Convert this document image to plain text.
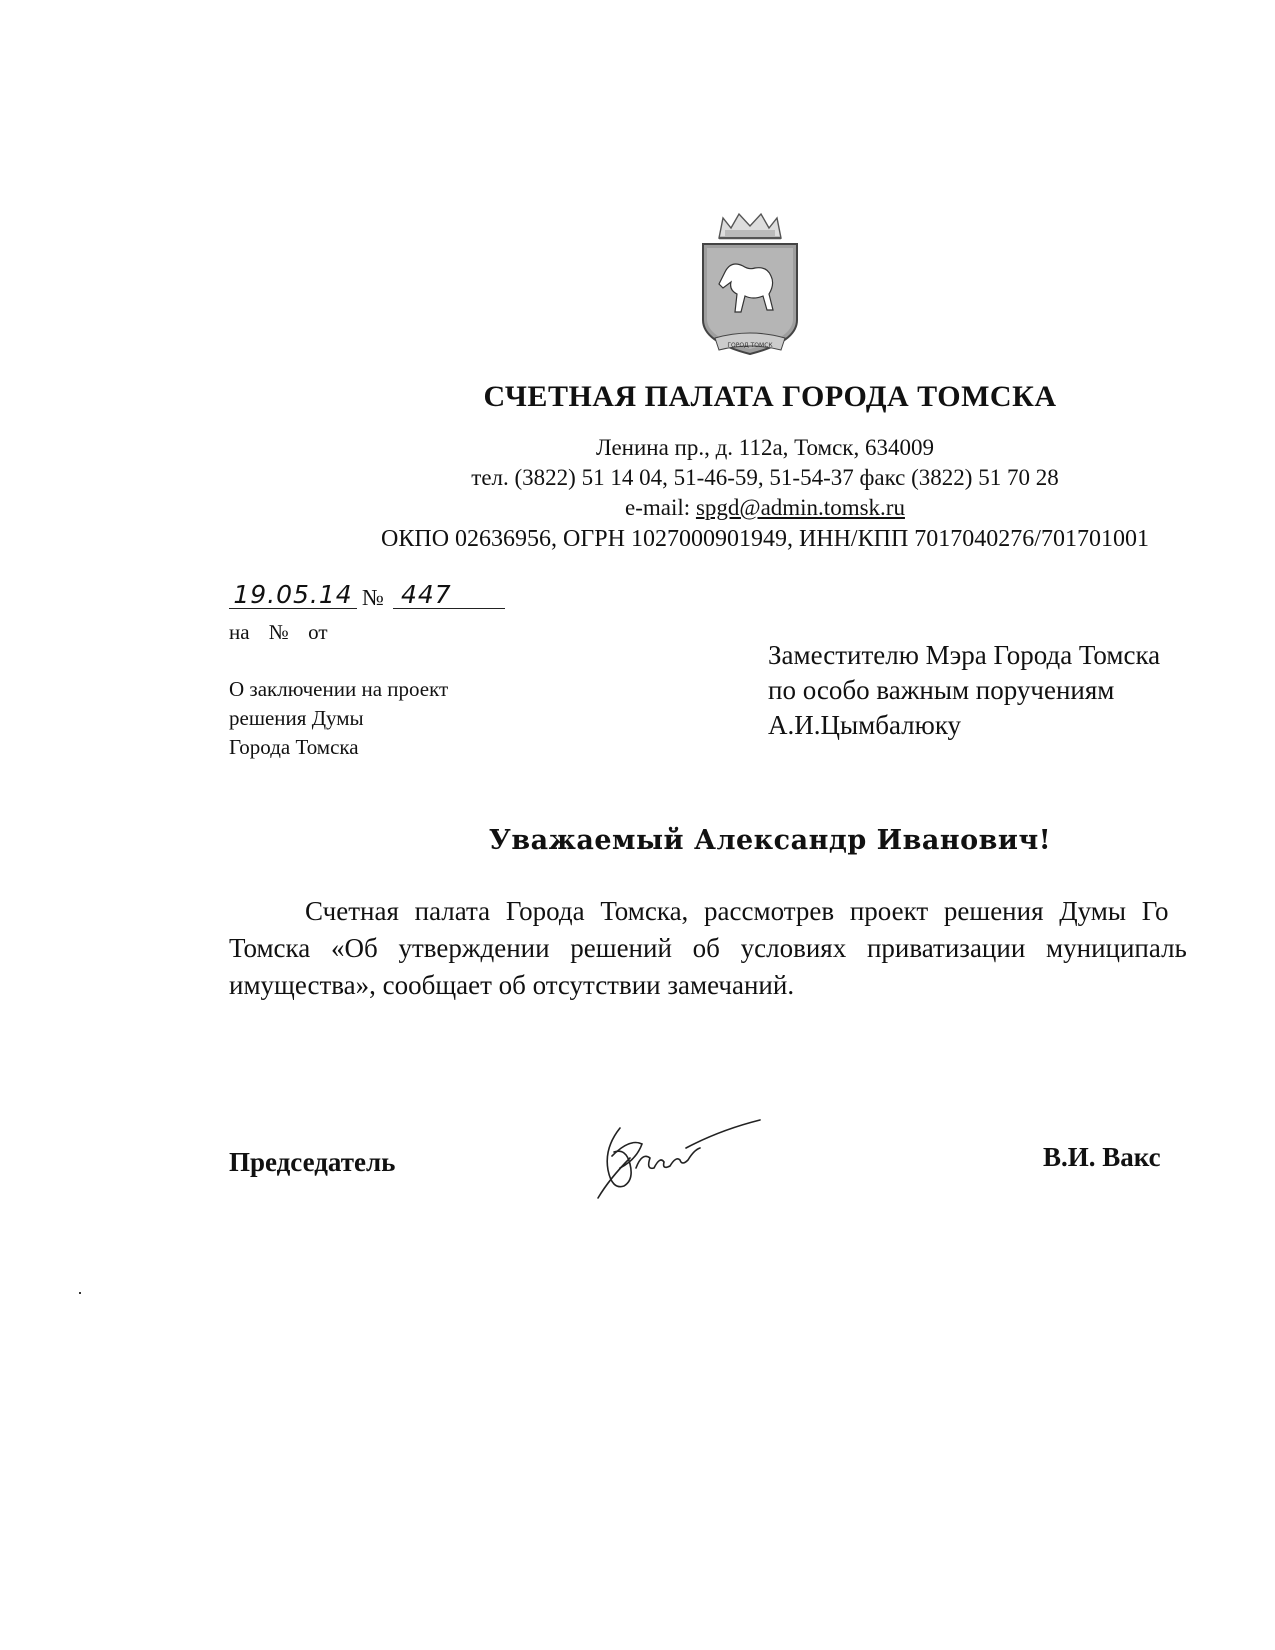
ГОРОД ТОМСК
СЧЕТНАЯ ПАЛАТА ГОРОДА ТОМСКА
Ленина пр., д. 112а, Томск, 634009
тел. (3822) 51 14 04, 51-46-59, 51-54-37 факс (3822) 51 70 28
e-mail: spgd@admin.tomsk.ru
ОКПО 02636956, ОГРН 1027000901949, ИНН/КПП 7017040276/701701001
19.05.14 № 447
на № от
О заключении на проект
решения Думы
Города Томска
Заместителю Мэра Города Томска
по особо важным поручениям
А.И.Цымбалюку
Уважаемый Александр Иванович!
Счетная палата Города Томска, рассмотрев проект решения Думы Го
Томска «Об утверждении решений об условиях приватизации муниципаль
имущества», сообщает об отсутствии замечаний.
Председатель	В.И. Вакс
